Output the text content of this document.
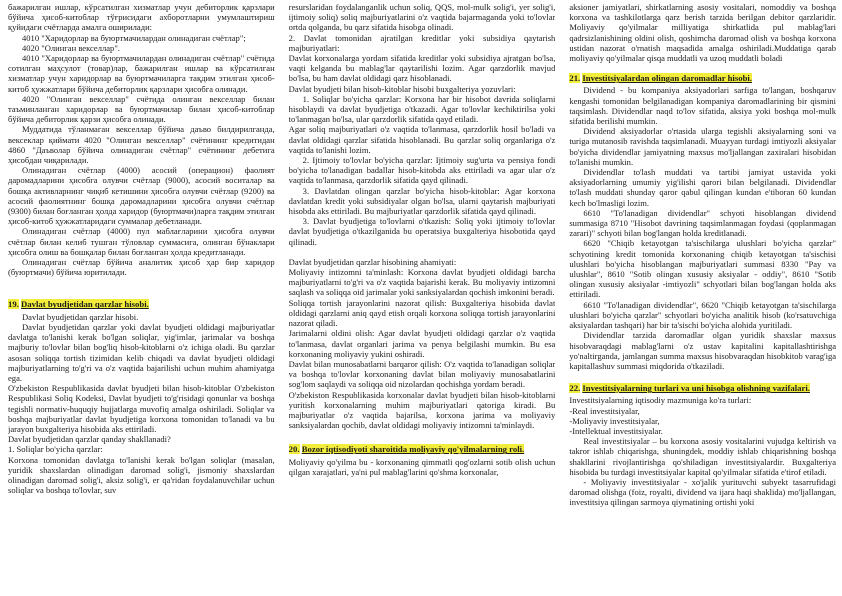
бажарилган ишлар, кўрсатилган хизматлар учун дебиторлик қарзлари бўйича ҳисоб-китоблар тўғрисидаги ахборотларни умумлаштириш қуйидаги счётларда амалга оширилади:

4010 "Харидорлар ва буюртмачилардан олинадиган счётлар";

4020 "Олинган векселлар".

4010 "Харидорлар ва буюртмачилардан олинадиган счётлар" счётида сотилган маҳсулот (товар)лар, бажарилган ишлар ва кўрсатилган хизматлар учун харидорлар ва буюртмачиларга тақдим этилган ҳисоб-китоб ҳужжатлари бўйича дебиторлик қарзлари ҳисобга олинади.

4020 "Олинган векселлар" счётида олинган векселлар билан таъминланган харидорлар ва буюртмачилар билан ҳисоб-китоблар бўйича дебиторлик қарзи ҳисобга олинади.

Муддатида тўланмаган векселлар бўйича даъво билдирилганда, вексеклар қиймати 4020 "Олинган векселлар" счётининг кредитидан 4860 "Даъволар бўйича олинадиган счётлар" счётининг дебетига ҳисобдан чиқарилади.

Олинадиган счётлар (4000) асосий (операцион) фаолият даромадларини ҳисобга олувчи счётлар (9000), асосий воситалар ва бошқа активларнинг чиқиб кетишини ҳисобга олувчи счётлар (9200) ва асосий фаолиятнинг бошқа даромадларини ҳисобга олувчи счётлар (9300) билан боғланган ҳолда харидор (буюртмачи)ларга тақдим этилган ҳисоб-китоб ҳужжатларидаги суммалар дебетланади.

Олинадиган счётлар (4000) пул маблағларини ҳисобга олувчи счётлар билан келиб тушган тўловлар суммасига, олинган бўнаклари ҳисобга олиш ва бошқалар билан боғланган ҳолда кредитланади.

Олинадиган счётлар бўйича аналитик ҳисоб ҳар бир харидор (буюртмачи) бўйича юритилади.

19. Davlat byudjetidan qarzlar hisobi.

Davlat byudjetidan qarzlar hisobi.

Davlat byudjetidan qarzlar yoki davlat byudjeti oldidagi majburiyatlar davlatga to'lanishi kerak bo'lgan soliqlar, yig'imlar, jarimalar va boshqa majburiy to'lovlar bilan bog'liq hisob-kitoblarni o'z ichiga oladi. Bu qarzlar asosan soliqqa tortish tizimidan kelib chiqadi va davlat byudjeti oldidagi majburiyatlarning to'g'ri va o'z vaqtida bajarilishi uchun muhim ahamiyatga ega.

O'zbekiston Respublikasida davlat byudjeti bilan hisob-kitoblar O'zbekiston Respublikasi Soliq Kodeksi, Davlat byudjeti to'g'risidagi qonunlar va boshqa tegishli normativ-huquqiy hujjatlarga muvofiq amalga oshiriladi. Soliqlar va boshqa majburiyatlar davlat byudjetiga korxona tomonidan to'lanadi va bu jarayon buxgalteriya hisobida aks ettiriladi.

Davlat byudjetidan qarzlar qanday shakllanadi?

1. Soliqlar bo'yicha qarzlar:

Korxona tomonidan davlatga to'lanishi kerak bo'lgan soliqlar (masalan, yuridik shaxslardan olinadigan daromad solig'i, jismoniy shaxslardan olinadigan daromad solig'i, aksiz solig'i, er qa'ridan foydalanuvchilar uchun soliqlar va boshqa to'lovlar, suv

resurslaridan foydalanganlik uchun soliq, QQS, mol-mulk solig'i, yer solig'i, ijtimoiy soliq) soliq majburiyatlarini o'z vaqtida bajarmaganda yoki to'lovlar ortda qolganda, bu qarz sifatida hisobga olinadi.

2. Davlat tomonidan ajratilgan kreditlar yoki subsidiya qaytarish majburiyatlari:

Davlat korxonalarga yordam sifatida kreditlar yoki subsidiya ajratgan bo'lsa, vaqti kelganda bu mablag'lar qaytarilishi lozim. Agar qarzdorlik mavjud bo'lsa, bu ham davlat oldidagi qarz hisoblanadi.

Davlat byudjeti bilan hisob-kitoblar hisobi buxgalteriya yozuvlari:

1. Soliqlar bo'yicha qarzlar: Korxona har bir hisobot davrida soliqlarni hisoblaydi va davlat byudjetiga o'tkazadi. Agar to'lovlar kechiktirilsa yoki to'lanmagan bo'lsa, ular qarzdorlik sifatida qayd etiladi.

Agar soliq majburiyatlari o'z vaqtida to'lanmasa, qarzdorlik hosil bo'ladi va davlat oldidagi qarzlar sifatida hisoblanadi. Bu qarzlar soliq organlariga o'z vaqtida to'lanishi lozim.

2. Ijtimoiy to'lovlar bo'yicha qarzlar: Ijtimoiy sug'urta va pensiya fondi bo'yicha to'lanadigan badallar hisob-kitobda aks ettiriladi va agar ular o'z vaqtida to'lanmasa, qarzdorlik sifatida qayd qilinadi.

3. Davlatdan olingan qarzlar bo'yicha hisob-kitoblar: Agar korxona davlatdan kredit yoki subsidiyalar olgan bo'lsa, ularni qaytarish majburiyati hisobda aks ettiriladi. Bu majburiyatlar qarzdorlik sifatida qayd qilinadi.

3. Davlat byudjetiga to'lovlarni o'tkazish: Soliq yoki ijtimoiy to'lovlar davlat byudjetiga o'tkazilganida bu operatsiya buxgalteriya hisobotida qayd qilinadi.

Davlat byudjetidan qarzlar hisobining ahamiyati:

Moliyaviy intizomni ta'minlash: Korxona davlat byudjeti oldidagi barcha majburiyatlarni to'g'ri va o'z vaqtida bajarishi kerak. Bu moliyaviy intizomni saqlash va soliqqa oid jarimalar yoki sanksiyalardan qochish imkonini beradi.

Soliqqa tortish jarayonlarini nazorat qilish: Buxgalteriya hisobida davlat oldidagi qarzlarni aniq qayd etish orqali korxona soliqqa tortish jarayonlarini nazorat qiladi.

Jarimalarni oldini olish: Agar davlat byudjeti oldidagi qarzlar o'z vaqtida to'lanmasa, davlat organlari jarima va penya belgilashi mumkin. Bu esa korxonaning moliyaviy yukini oshiradi.

Davlat bilan munosabatlarni barqaror qilish: O'z vaqtida to'lanadigan soliqlar va boshqa to'lovlar korxonaning davlat bilan moliyaviy munosabatlarini sog'lom saqlaydi va soliqqa oid nizolardan qochishga yordam beradi.

O'zbekiston Respublikasida korxonalar davlat byudjeti bilan hisob-kitoblarni yuritish korxonalarning muhim majburiyatlari qatoriga kiradi. Bu majburiyatlar o'z vaqtida bajarilsa, korxona jarima va moliyaviy sanksiyalardan qochib, davlat oldidagi moliyaviy intizomni ta'minlaydi.

20. Bozor iqtisodiyoti sharoitida moliyaviy qo'yilmalarning roli.

Moliyaviy qo'yilma bu - korxonaning qimmatli qog'ozlarni sotib olish uchun qilgan xarajatlari, ya'ni pul mablag'larini qo'shma korxonalar,

aksioner jamiyatlari, shirkatlarning asosiy vositalari, nomoddiy va boshqa korxona va tashkilotlarga qarz berish tarzida berilgan debitor qarzlaridir. Moliyaviy qo'yilmalar milliyatiga shirkatlida pul mablag'lari qadrsizlanishining oldini olish, qoshimcha daromad olish va boshqa korxona ustidan nazorat o'rnatish maqsadida amalga oshiriladi.Muddatiga qarab moliyaviy qo'yilmalar qisqa muddatli va uzoq muddatli boladi

21. Investitsiyalardan olingan daromadlar hisobi.

Dividend - bu kompaniya aksiyadorlari sarfiga to'langan, boshqaruv kengashi tomonidan belgilanadigan kompaniya daromadlarining bir qismini taqsimlash. Dividendlar naqd to'lov sifatida, aksiya yoki boshqa mol-mulk sifatida berilishi mumkin.

Dividend aksiyadorlar o'rtasida ularga tegishli aksiyalarning soni va turiga mutanosib ravishda taqsimlanadi. Muayyan turdagi imtiyozli aksiyalar bo'yicha dividendlar jamiyatning maxsus mo'ljallangan zaxiralari hisobidan to'lanishi mumkin.

Dividendlar to'lash muddati va tartibi jamiyat ustavida yoki aksiyadorlarning umumiy yig'ilishi qarori bilan belgilanadi. Dividendlar to'lash muddati shunday qaror qabul qilingan kundan e'tiboran 60 kundan kech bo'lmasligi lozim.

6610 "To'lanadigan dividendlar" schyoti hisoblangan dividend summasiga 8710 "Hisobot davrining taqsimlanmagan foydasi (qoplanmagan zarari)" schyoti bilan bog'langan holda kreditlanadi.

6620 "Chiqib ketayotgan ta'sischilarga ulushlari bo'yicha qarzlar" schyotining kredit tomonida korxonaning chiqib ketayotgan ta'sischisi ulushlari bo'yicha hisoblangan majburiyatlari summasi 8330 "Pay va ulushlar", 8610 "Sotib olingan xususiy aksiyalar - oddiy", 8610 "Sotib olingan xususiy aksiyalar -imtiyozli" schyotlari bilan bog'langan holda aks ettiriladi.

6610 "To'lanadigan dividendlar", 6620 "Chiqib ketayotgan ta'sischilarga ulushlari bo'yicha qarzlar" schyotlari bo'yicha analitik hisob (ko'rsatuvchiga aksiyalardan tashqari) har bir ta'sischi bo'yicha alohida yuritiladi.

Dividendlar tarzida daromadlar olgan yuridik shaxslar maxsus hisobvaraqdagi mablag'larni o'z ustav kapitalini kapitallashtirishga yo'naltirganda, jamlangan summa maxsus hisobvaraqdan hisobkitob varag'iga kapitallashuv summasi miqdorida o'tkaziladi.

22. Investitsiyalarning turlari va uni hisobga olishning vazifalari.

Investitsiyalarning iqtisodiy mazmuniga ko'ra turlari:

-Real investitsiyalar,

-Moliyaviy investitsiyalar,

-Intellektual investitsiyalar.

Real investitsiyalar – bu korxona asosiy vositalarini vujudga keltirish va takror ishlab chiqarishga, shuningdek, moddiy ishlab chiqarishning boshqa shakllarini rivojlantirishga qo'shiladigan investitsiyalardir. Buxgalteriya hisobida bu turdagi investitsiyalar kapital qo'yilmalar sifatida e'tirof etiladi.

- Moliyaviy investitsiyalar - xo'jalik yurituvchi subyekt tasarrufidagi daromad olishga (foiz, royalti, dividend va ijara haqi shaklida) mo'ljallangan, investitsiya qilingan sarmoya qiymatining ortishi yoki
